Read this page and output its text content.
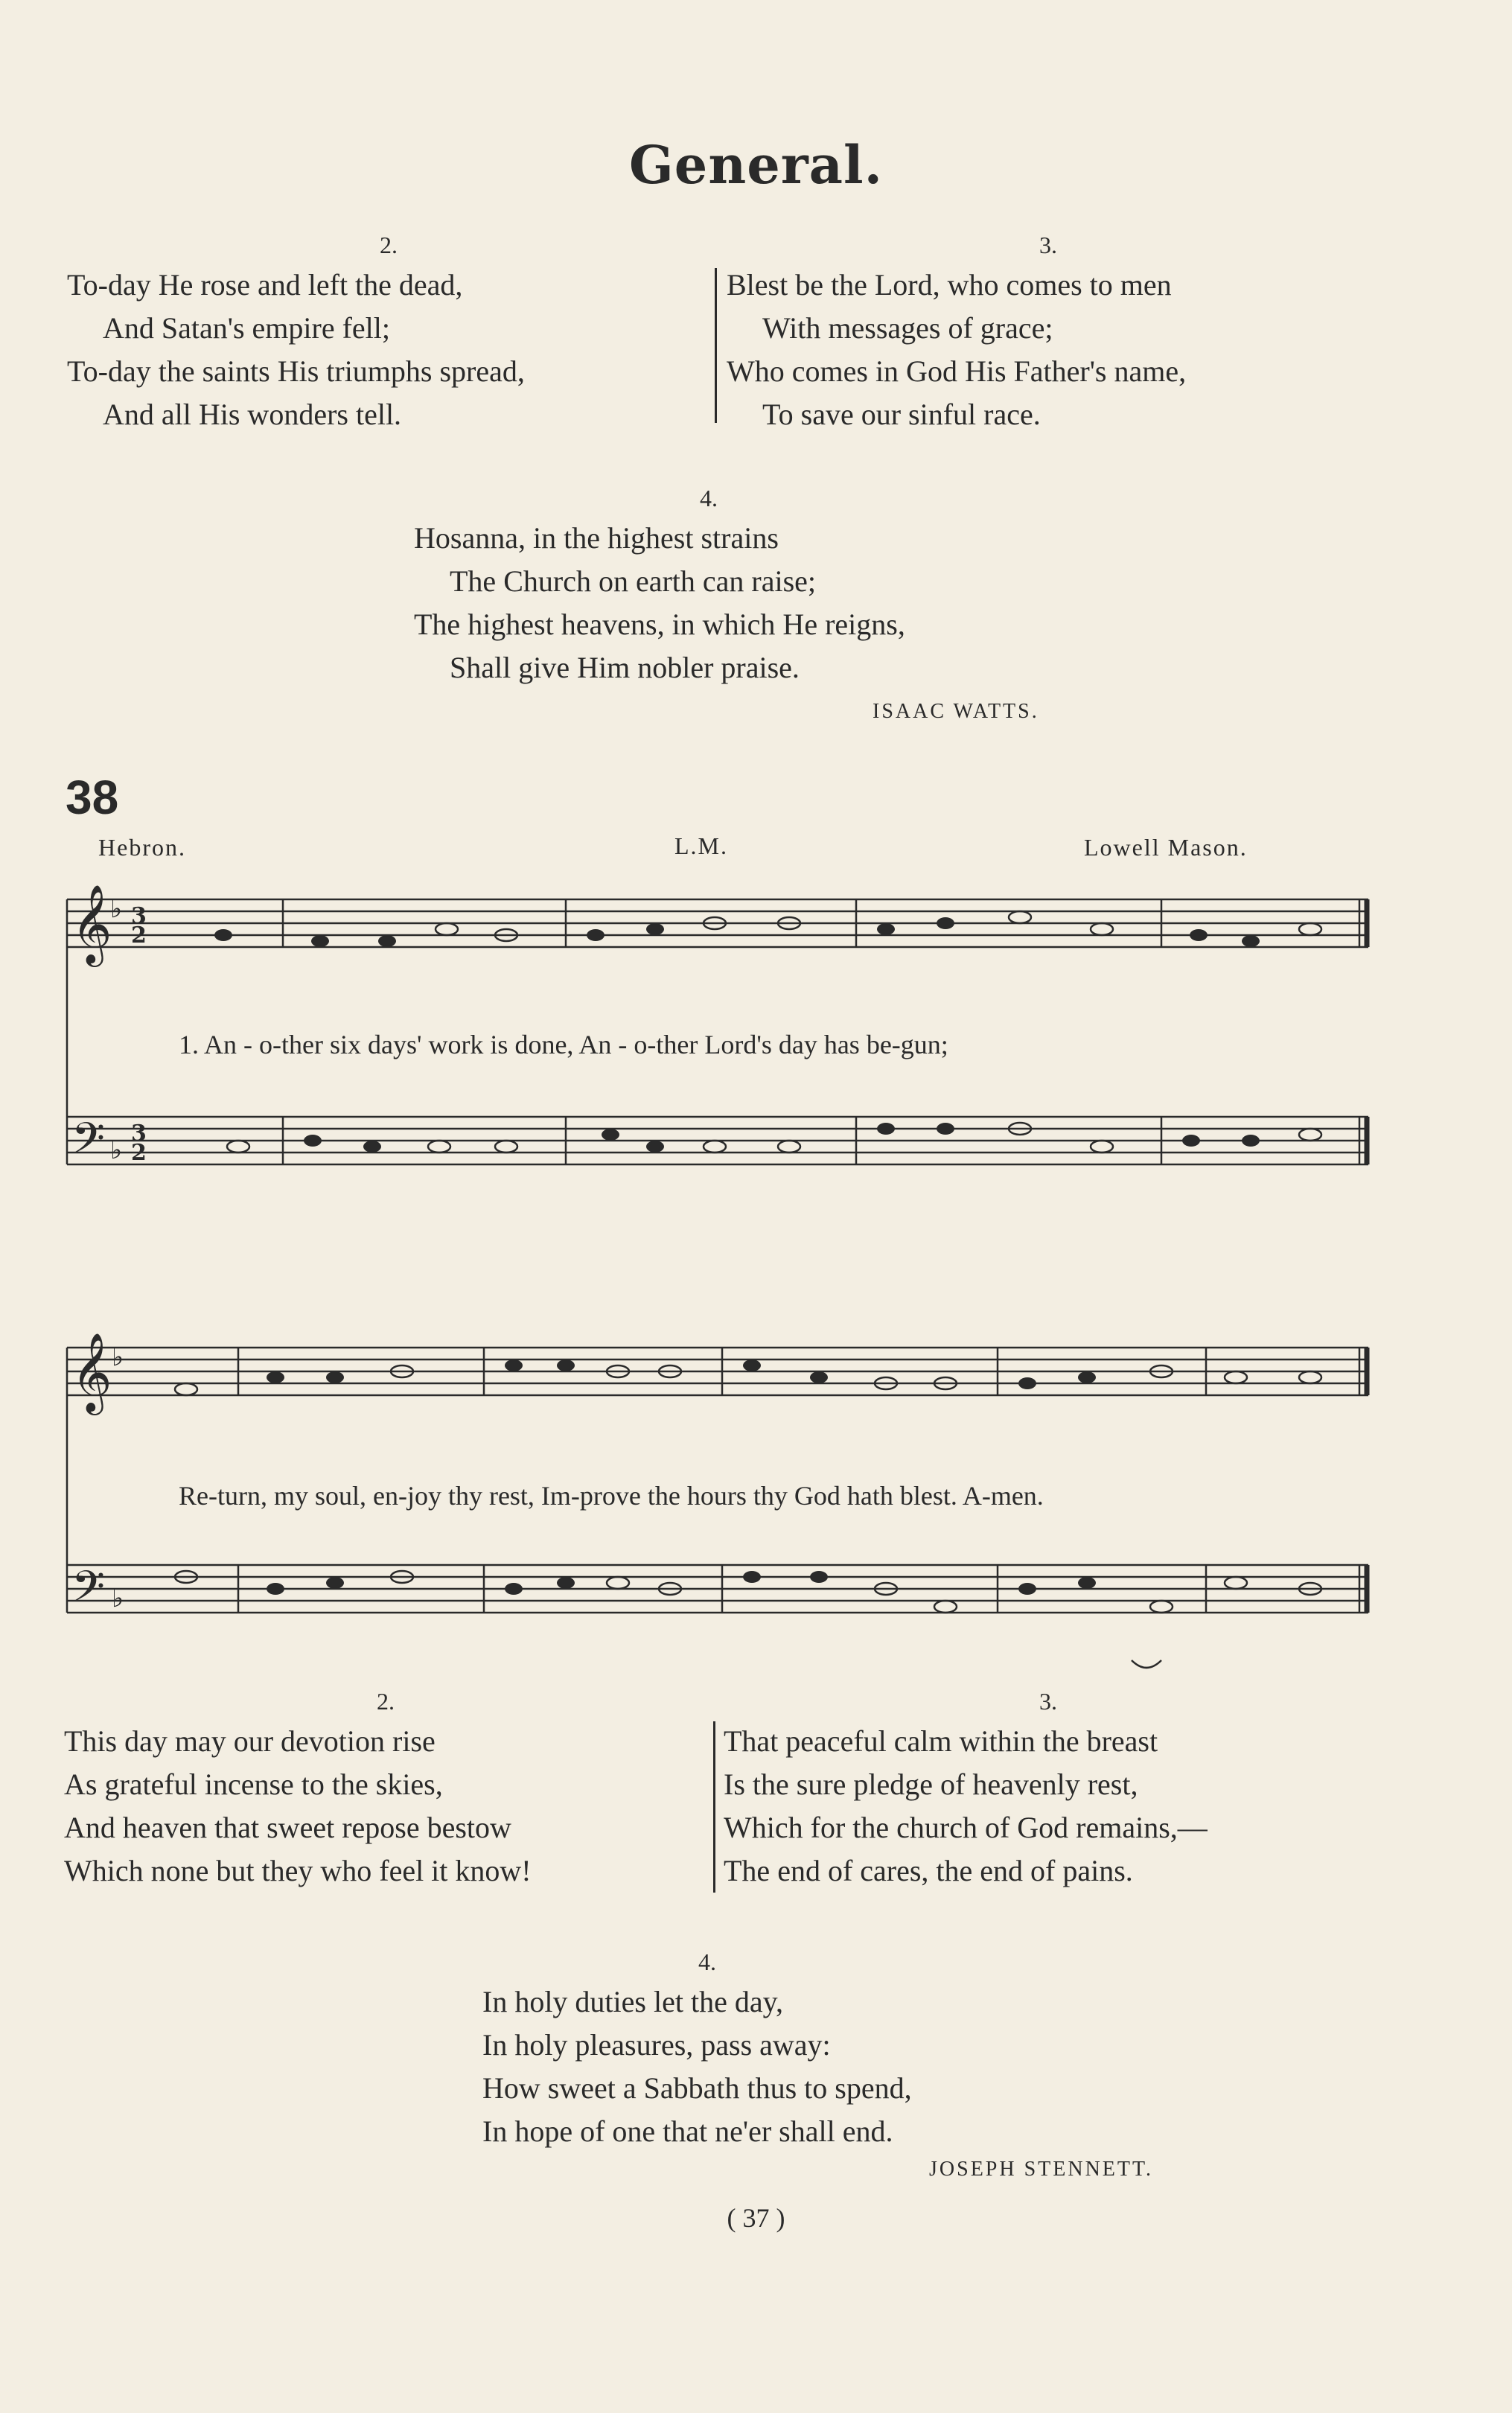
General.
2.
To-day He rose and left the dead,
And Satan's empire fell;
To-day the saints His triumphs spread,
And all His wonders tell.
3.
Blest be the Lord, who comes to men
With messages of grace;
Who comes in God His Father's name,
To save our sinful race.
4.
Hosanna, in the highest strains
The Church on earth can raise;
The highest heavens, in which He reigns,
Shall give Him nobler praise.
ISAAC WATTS.
38
Hebron.	L.M.	Lowell Mason.
𝄞
𝄢
3
2
3
2
♭
♭
1. An - o-ther six days' work is done, An - o-ther Lord's day has be-gun;
𝄞
𝄢
♭
♭
Re-turn, my soul, en-joy thy rest, Im-prove the hours thy God hath blest. A-men.
2.
This day may our devotion rise
As grateful incense to the skies,
And heaven that sweet repose bestow
Which none but they who feel it know!
3.
That peaceful calm within the breast
Is the sure pledge of heavenly rest,
Which for the church of God remains,—
The end of cares, the end of pains.
4.
In holy duties let the day,
In holy pleasures, pass away:
How sweet a Sabbath thus to spend,
In hope of one that ne'er shall end.
JOSEPH STENNETT.
( 37 )
